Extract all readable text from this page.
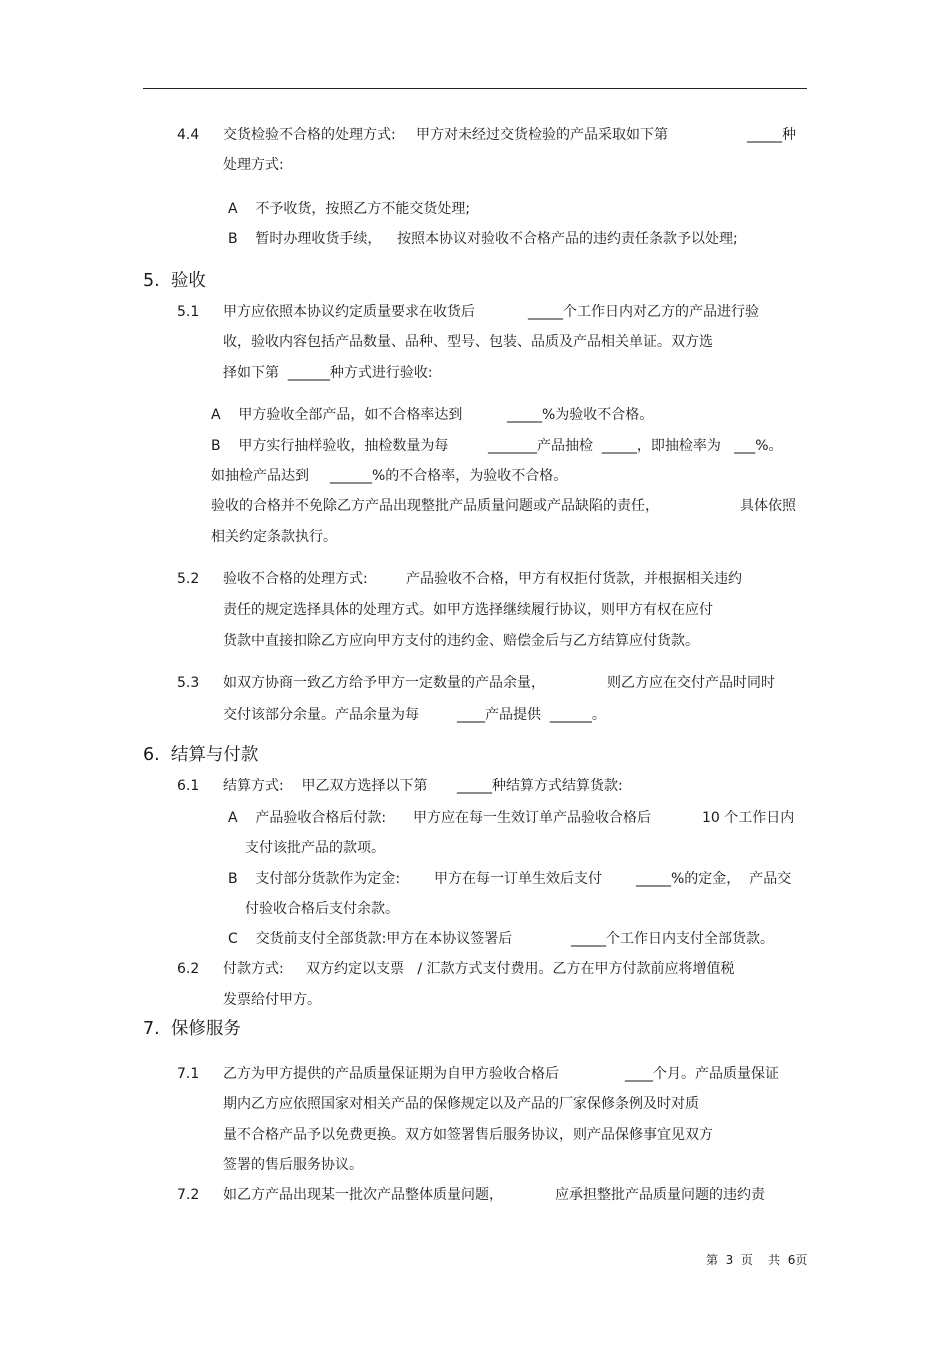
4.4 交货检验不合格的处理方式: 甲方对未经过交货检验的产品采取如下第	_____种
处理方式:
A    不予收货，按照乙方不能交货处理;
B    暂时办理收货手续， 按照本协议对验收不合格产品的违约责任条款予以处理;
5.  验收
5.1 甲方应依照本协议约定质量要求在收货后	_____个工作日内对乙方的产品进行验
收，验收内容包括产品数量、品种、型号、包装、品质及产品相关单证。双方选
择如下第  ______种方式进行验收:
A    甲方验收全部产品，如不合格率达到	_____%为验收不合格。
B    甲方实行抽样验收，抽检数量为每	_______产品抽检  _____，即抽检率为   ___%。
如抽检产品达到 ______%的不合格率，为验收不合格。
验收的合格并不免除乙方产品出现整批产品质量问题或产品缺陷的责任，	具体依照
相关约定条款执行。
5.2 验收不合格的处理方式:	产品验收不合格，甲方有权拒付货款，并根据相关违约
责任的规定选择具体的处理方式。如甲方选择继续履行协议，则甲方有权在应付
货款中直接扣除乙方应向甲方支付的违约金、赔偿金后与乙方结算应付货款。
5.3 如双方协商一致乙方给予甲方一定数量的产品余量，	则乙方应在交付产品时同时
交付该部分余量。产品余量为每	____产品提供  ______。
6.  结算与付款
6.1 结算方式:    甲乙双方选择以下第 _____种结算方式结算货款:
A    产品验收合格后付款: 甲方应在每一生效订单产品验收合格后	10 个工作日内
支付该批产品的款项。
B    支付部分货款作为定金: 甲方在每一订单生效后支付 _____%的定金，  产品交
付验收合格后支付余款。
C    交货前支付全部货款:甲方在本协议签署后	_____个工作日内支付全部货款。
6.2 付款方式:     双方约定以支票   / 汇款方式支付费用。乙方在甲方付款前应将增值税
发票给付甲方。
7.  保修服务
7.1 乙方为甲方提供的产品质量保证期为自甲方验收合格后	____个月。产品质量保证
期内乙方应依照国家对相关产品的保修规定以及产品的厂家保修条例及时对质
量不合格产品予以免费更换。双方如签署售后服务协议，则产品保修事宜见双方
签署的售后服务协议。
7.2 如乙方产品出现某一批次产品整体质量问题，	应承担整批产品质量问题的违约责
第  3  页    共  6页
